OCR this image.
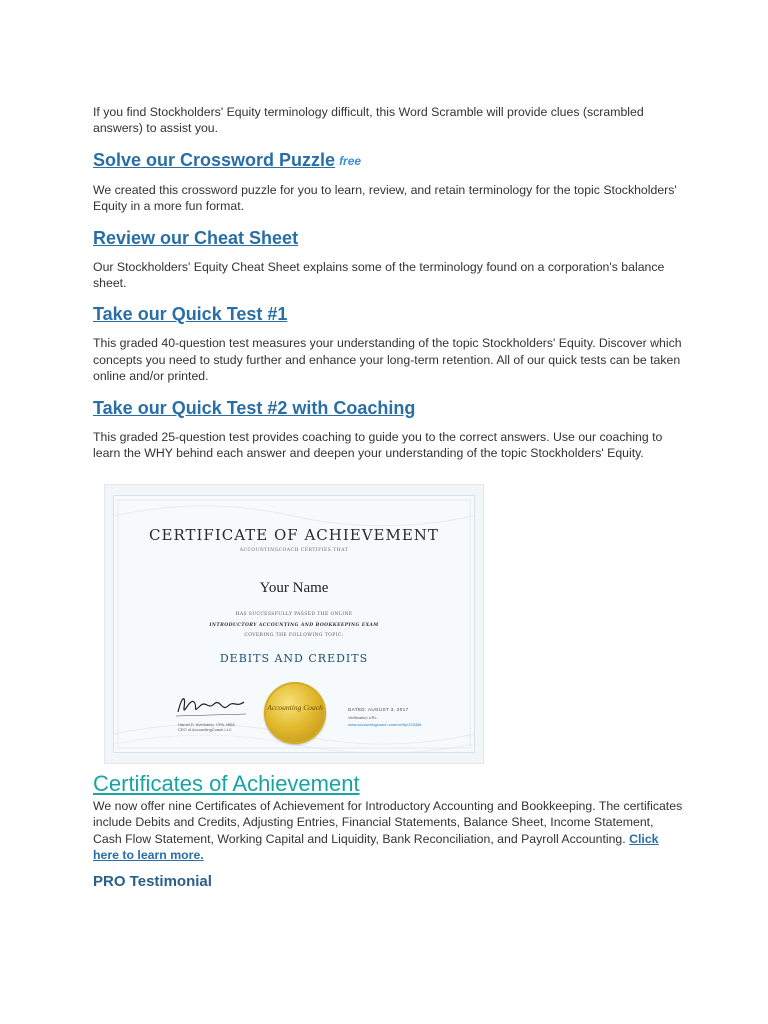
If you find Stockholders' Equity terminology difficult, this Word Scramble will provide clues (scrambled answers) to assist you.

Solve our Crossword Puzzle free

We created this crossword puzzle for you to learn, review, and retain terminology for the topic Stockholders' Equity in a more fun format.

Review our Cheat Sheet

Our Stockholders' Equity Cheat Sheet explains some of the terminology found on a corporation's balance sheet.

Take our Quick Test #1

This graded 40-question test measures your understanding of the topic Stockholders' Equity. Discover which concepts you need to study further and enhance your long-term retention. All of our quick tests can be taken online and/or printed.

Take our Quick Test #2 with Coaching

This graded 25-question test provides coaching to guide you to the correct answers. Use our coaching to learn the WHY behind each answer and deepen your understanding of the topic Stockholders' Equity.

CERTIFICATE OF ACHIEVEMENT
ACCOUNTINGCOACH CERTIFIES THAT
Your Name
HAS SUCCESSFULLY PASSED THE ONLINE
INTRODUCTORY ACCOUNTING AND BOOKKEEPING EXAM
COVERING THE FOLLOWING TOPIC:
DEBITS AND CREDITS
Harold D. Averkamp, CPA, MBA
CEO of AccountingCoach LLC
Accounting Coach	DATED: AUGUST 3, 2017
Verification URL:
www.accountingcoach.com/verify/123456
Certificates of Achievement

We now offer nine Certificates of Achievement for Introductory Accounting and Bookkeeping. The certificates include Debits and Credits, Adjusting Entries, Financial Statements, Balance Sheet, Income Statement, Cash Flow Statement, Working Capital and Liquidity, Bank Reconciliation, and Payroll Accounting. Click here to learn more.

PRO Testimonial
